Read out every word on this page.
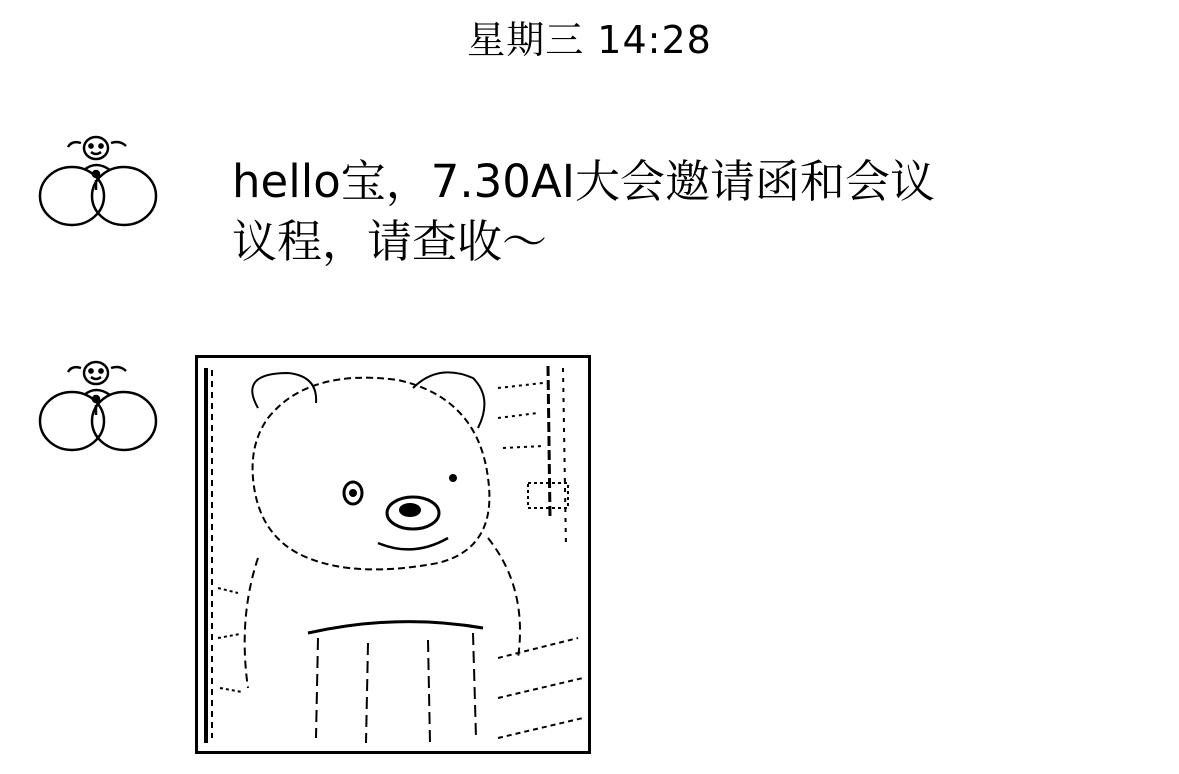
星期三 14:28
hello宝，7.30AI大会邀请函和会议议程，请查收～
